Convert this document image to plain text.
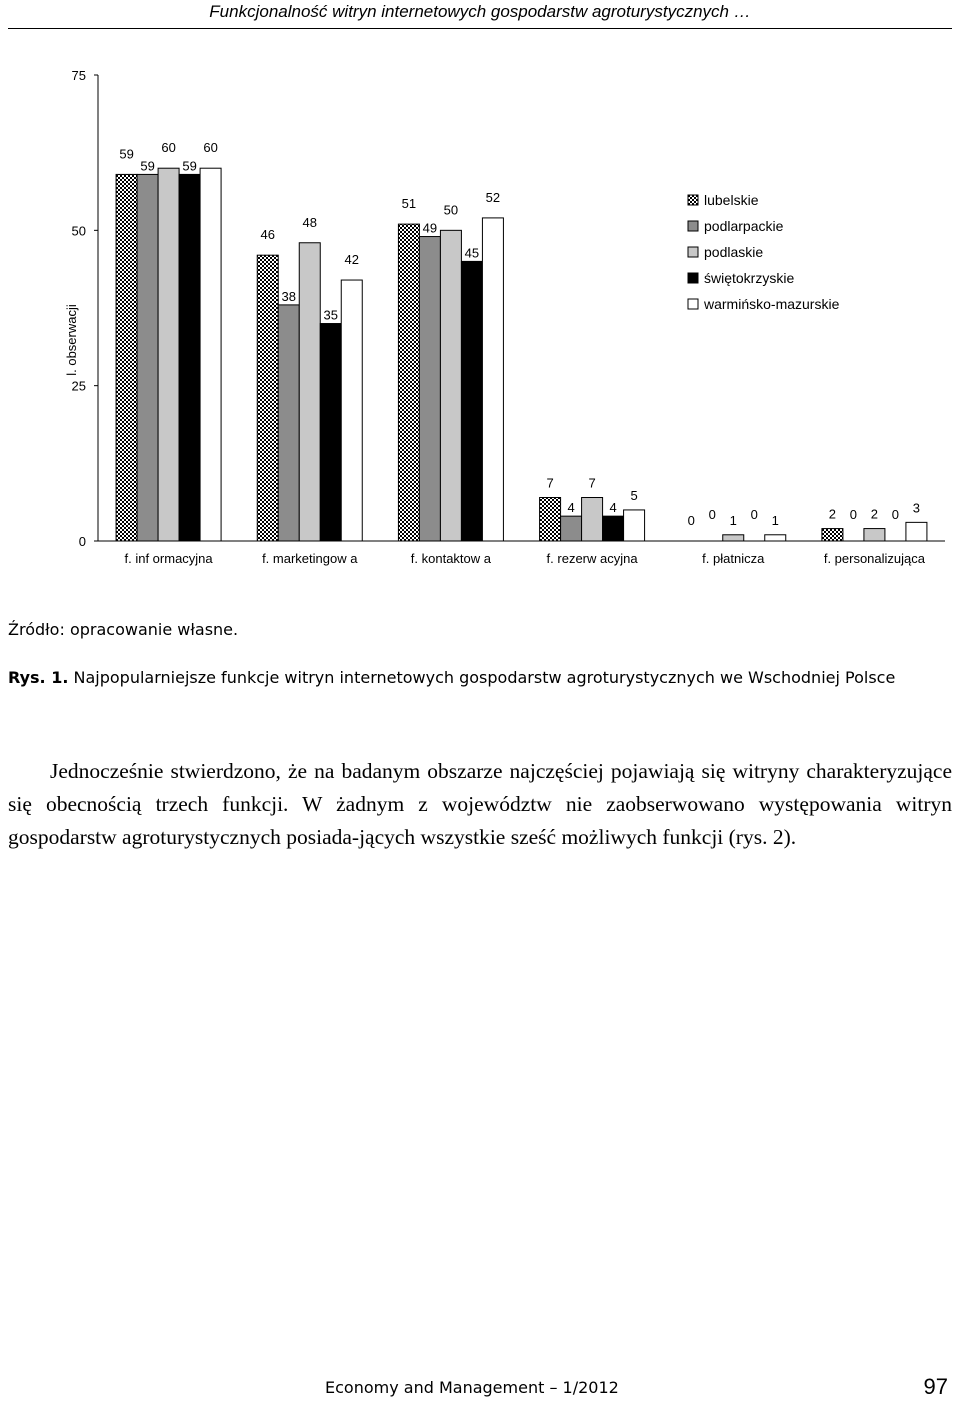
Funkcjonalność witryn internetowych gospodarstw agroturystycznych …
0
25
50
75
l. obserwacji
59
59
60
59
60
f. inf ormacyjna
46
38
48
35
42
f. marketingow a
51
49
50
45
52
f. kontaktow a
7
4
7
4
5
f. rezerw acyjna
0 0 1 0 1
f. płatnicza
2 0 2 0 3
f. personalizująca
lubelskie
podlarpackie
podlaskie
świętokrzyskie
warmińsko-mazurskie
Źródło: opracowanie własne.
Rys. 1. Najpopularniejsze funkcje witryn internetowych gospodarstw agroturystycznych we Wschodniej Polsce
Jednocześnie stwierdzono, że na badanym obszarze najczęściej pojawiają się witryny charakteryzujące się obecnością trzech funkcji. W żadnym z województw nie zaobserwowano występowania witryn gospodarstw agroturystycznych posiada-jących wszystkie sześć możliwych funkcji (rys. 2).
Economy and Management – 1/2012	97
